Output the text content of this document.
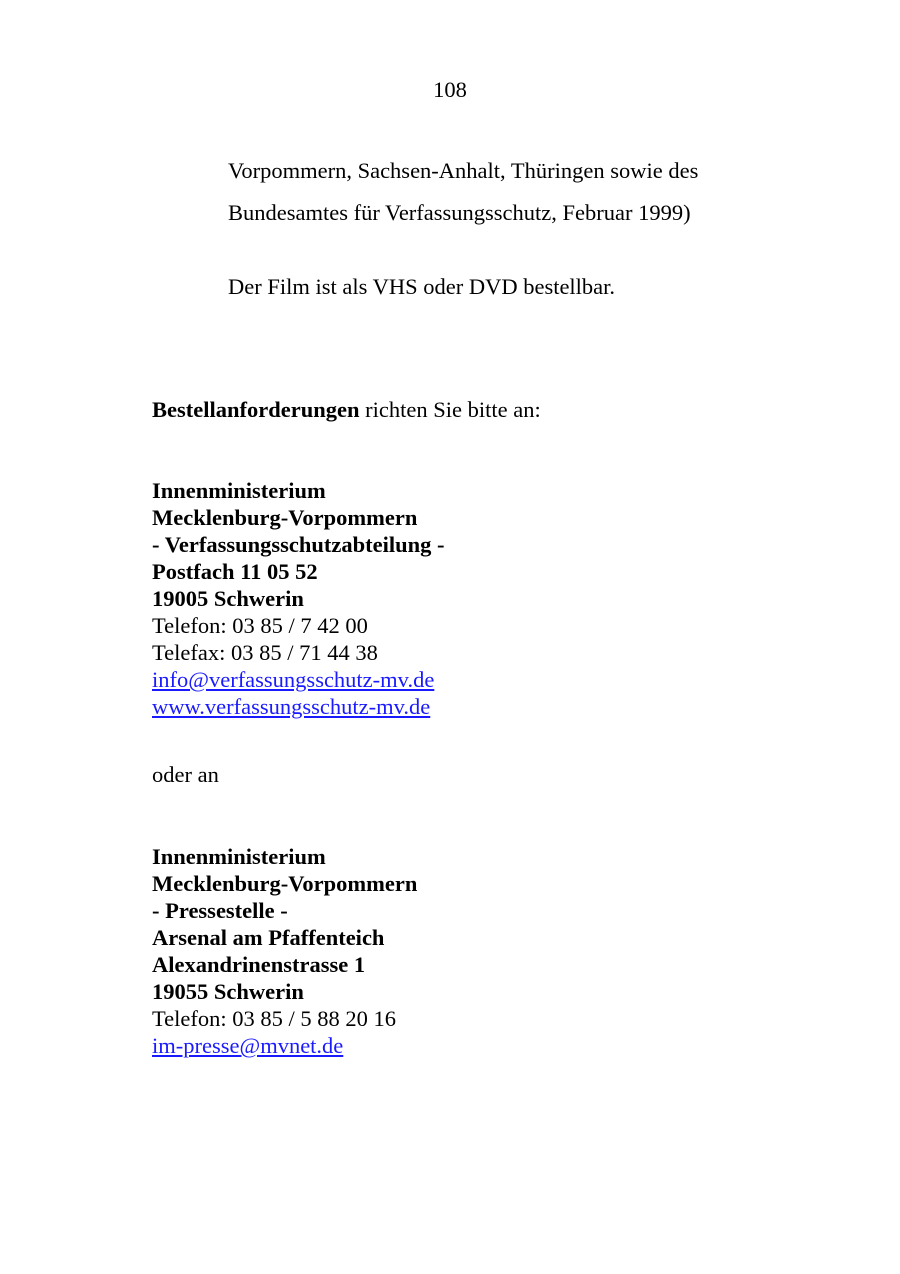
108
Vorpommern, Sachsen-Anhalt, Thüringen sowie des
Bundesamtes für Verfassungsschutz, Februar 1999)
Der Film ist als VHS oder DVD bestellbar.
Bestellanforderungen richten Sie bitte an:
Innenministerium
Mecklenburg-Vorpommern
- Verfassungsschutzabteilung -
Postfach 11 05 52
19005 Schwerin
Telefon: 03 85 / 7 42 00
Telefax: 03 85 / 71 44 38
info@verfassungsschutz-mv.de
www.verfassungsschutz-mv.de
oder an
Innenministerium
Mecklenburg-Vorpommern
- Pressestelle -
Arsenal am Pfaffenteich
Alexandrinenstrasse 1
19055 Schwerin
Telefon: 03 85 / 5 88 20 16
im-presse@mvnet.de
